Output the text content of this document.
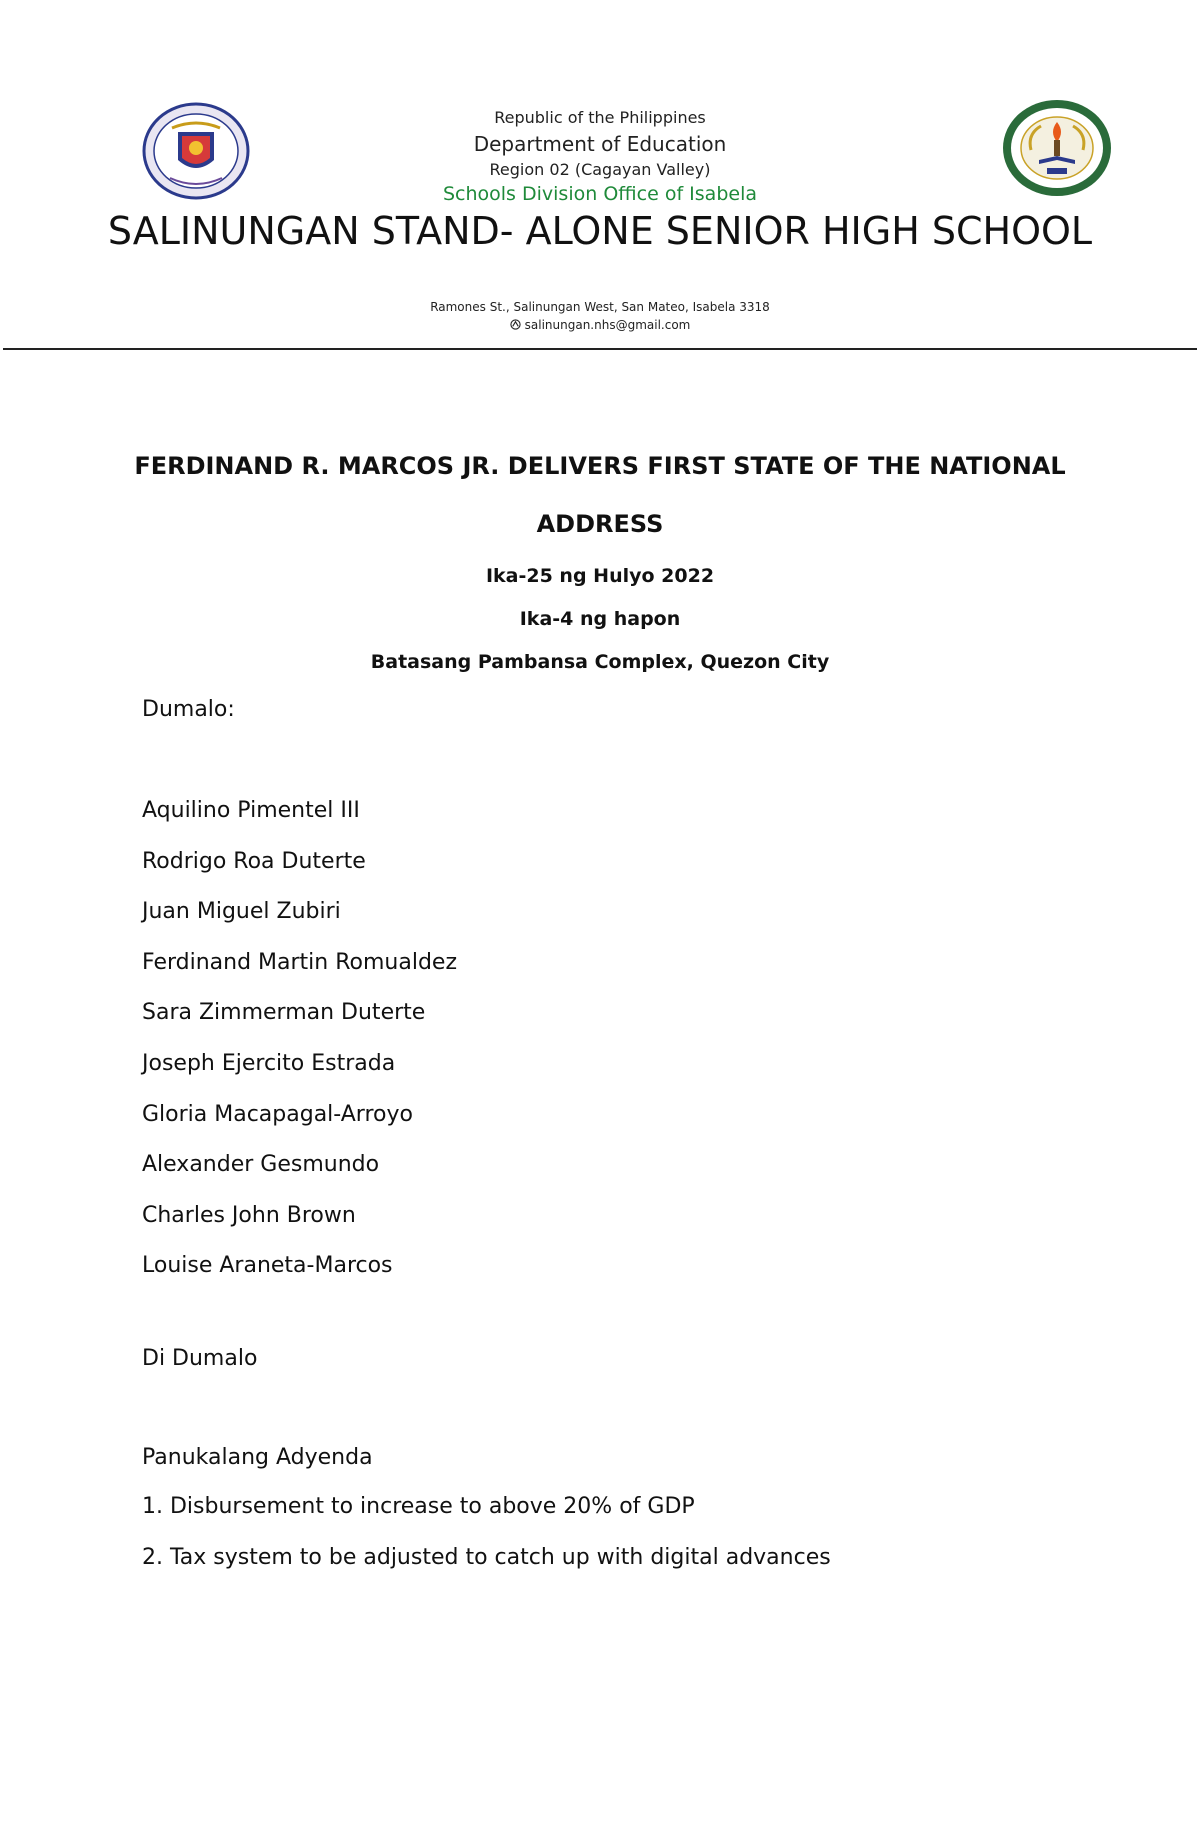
Republic of the Philippines
Department of Education
Region 02 (Cagayan Valley)
Schools Division Office of Isabela
SALINUNGAN STAND- ALONE SENIOR HIGH SCHOOL
Ramones St., Salinungan West, San Mateo, Isabela 3318
salinungan.nhs@gmail.com
FERDINAND R. MARCOS JR. DELIVERS FIRST STATE OF THE NATIONAL
ADDRESS
Ika-25 ng Hulyo 2022
Ika-4 ng hapon
Batasang Pambansa Complex, Quezon City
Dumalo:
Aquilino Pimentel III
Rodrigo Roa Duterte
Juan Miguel Zubiri
Ferdinand Martin Romualdez
Sara Zimmerman Duterte
Joseph Ejercito Estrada
Gloria Macapagal-Arroyo
Alexander Gesmundo
Charles John Brown
Louise Araneta-Marcos
Di Dumalo
Panukalang Adyenda
1. Disbursement to increase to above 20% of GDP
2. Tax system to be adjusted to catch up with digital advances
